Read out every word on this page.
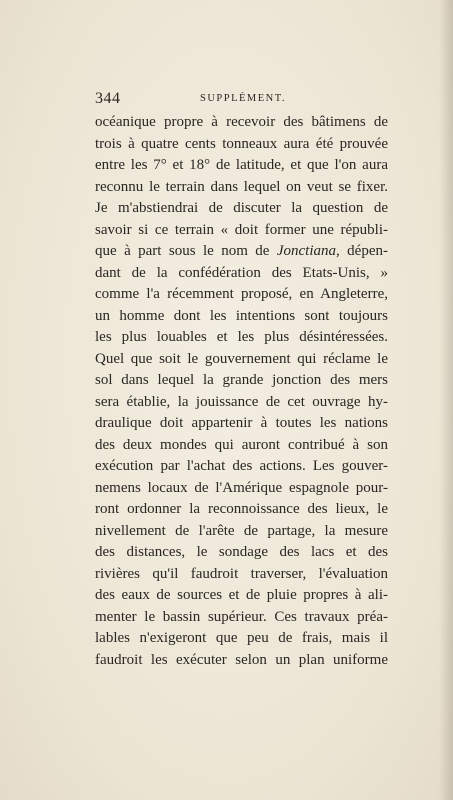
344	SUPPLÉMENT.
océanique propre à recevoir des bâtimens de
trois à quatre cents tonneaux aura été prouvée
entre les 7° et 18° de latitude, et que l'on aura
reconnu le terrain dans lequel on veut se fixer.
Je m'abstiendrai de discuter la question de
savoir si ce terrain « doit former une républi-
que à part sous le nom de Jonctiana, dépen-
dant de la confédération des Etats-Unis, »
comme l'a récemment proposé, en Angleterre,
un homme dont les intentions sont toujours
les plus louables et les plus désintéressées.
Quel que soit le gouvernement qui réclame le
sol dans lequel la grande jonction des mers
sera établie, la jouissance de cet ouvrage hy-
draulique doit appartenir à toutes les nations
des deux mondes qui auront contribué à son
exécution par l'achat des actions. Les gouver-
nemens locaux de l'Amérique espagnole pour-
ront ordonner la reconnoissance des lieux, le
nivellement de l'arête de partage, la mesure
des distances, le sondage des lacs et des
rivières qu'il faudroit traverser, l'évaluation
des eaux de sources et de pluie propres à ali-
menter le bassin supérieur. Ces travaux préa-
lables n'exigeront que peu de frais, mais il
faudroit les exécuter selon un plan uniforme
